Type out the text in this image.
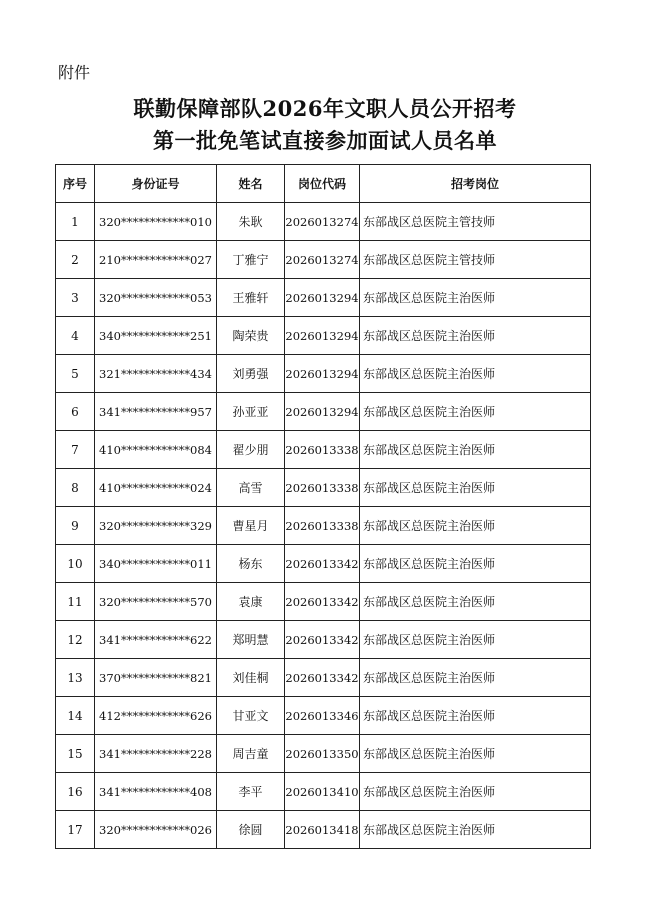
附件
联勤保障部队2026年文职人员公开招考
第一批免笔试直接参加面试人员名单
序号	身份证号	姓名	岗位代码	招考岗位
1	320************010	朱耿	2026013274	东部战区总医院主管技师
2	210************027	丁雅宁	2026013274	东部战区总医院主管技师
3	320************053	王雅轩	2026013294	东部战区总医院主治医师
4	340************251	陶荣贵	2026013294	东部战区总医院主治医师
5	321************434	刘勇强	2026013294	东部战区总医院主治医师
6	341************957	孙亚亚	2026013294	东部战区总医院主治医师
7	410************084	翟少朋	2026013338	东部战区总医院主治医师
8	410************024	高雪	2026013338	东部战区总医院主治医师
9	320************329	曹星月	2026013338	东部战区总医院主治医师
10	340************011	杨东	2026013342	东部战区总医院主治医师
11	320************570	袁康	2026013342	东部战区总医院主治医师
12	341************622	郑明慧	2026013342	东部战区总医院主治医师
13	370************821	刘佳桐	2026013342	东部战区总医院主治医师
14	412************626	甘亚文	2026013346	东部战区总医院主治医师
15	341************228	周吉童	2026013350	东部战区总医院主治医师
16	341************408	李平	2026013410	东部战区总医院主治医师
17	320************026	徐圆	2026013418	东部战区总医院主治医师
